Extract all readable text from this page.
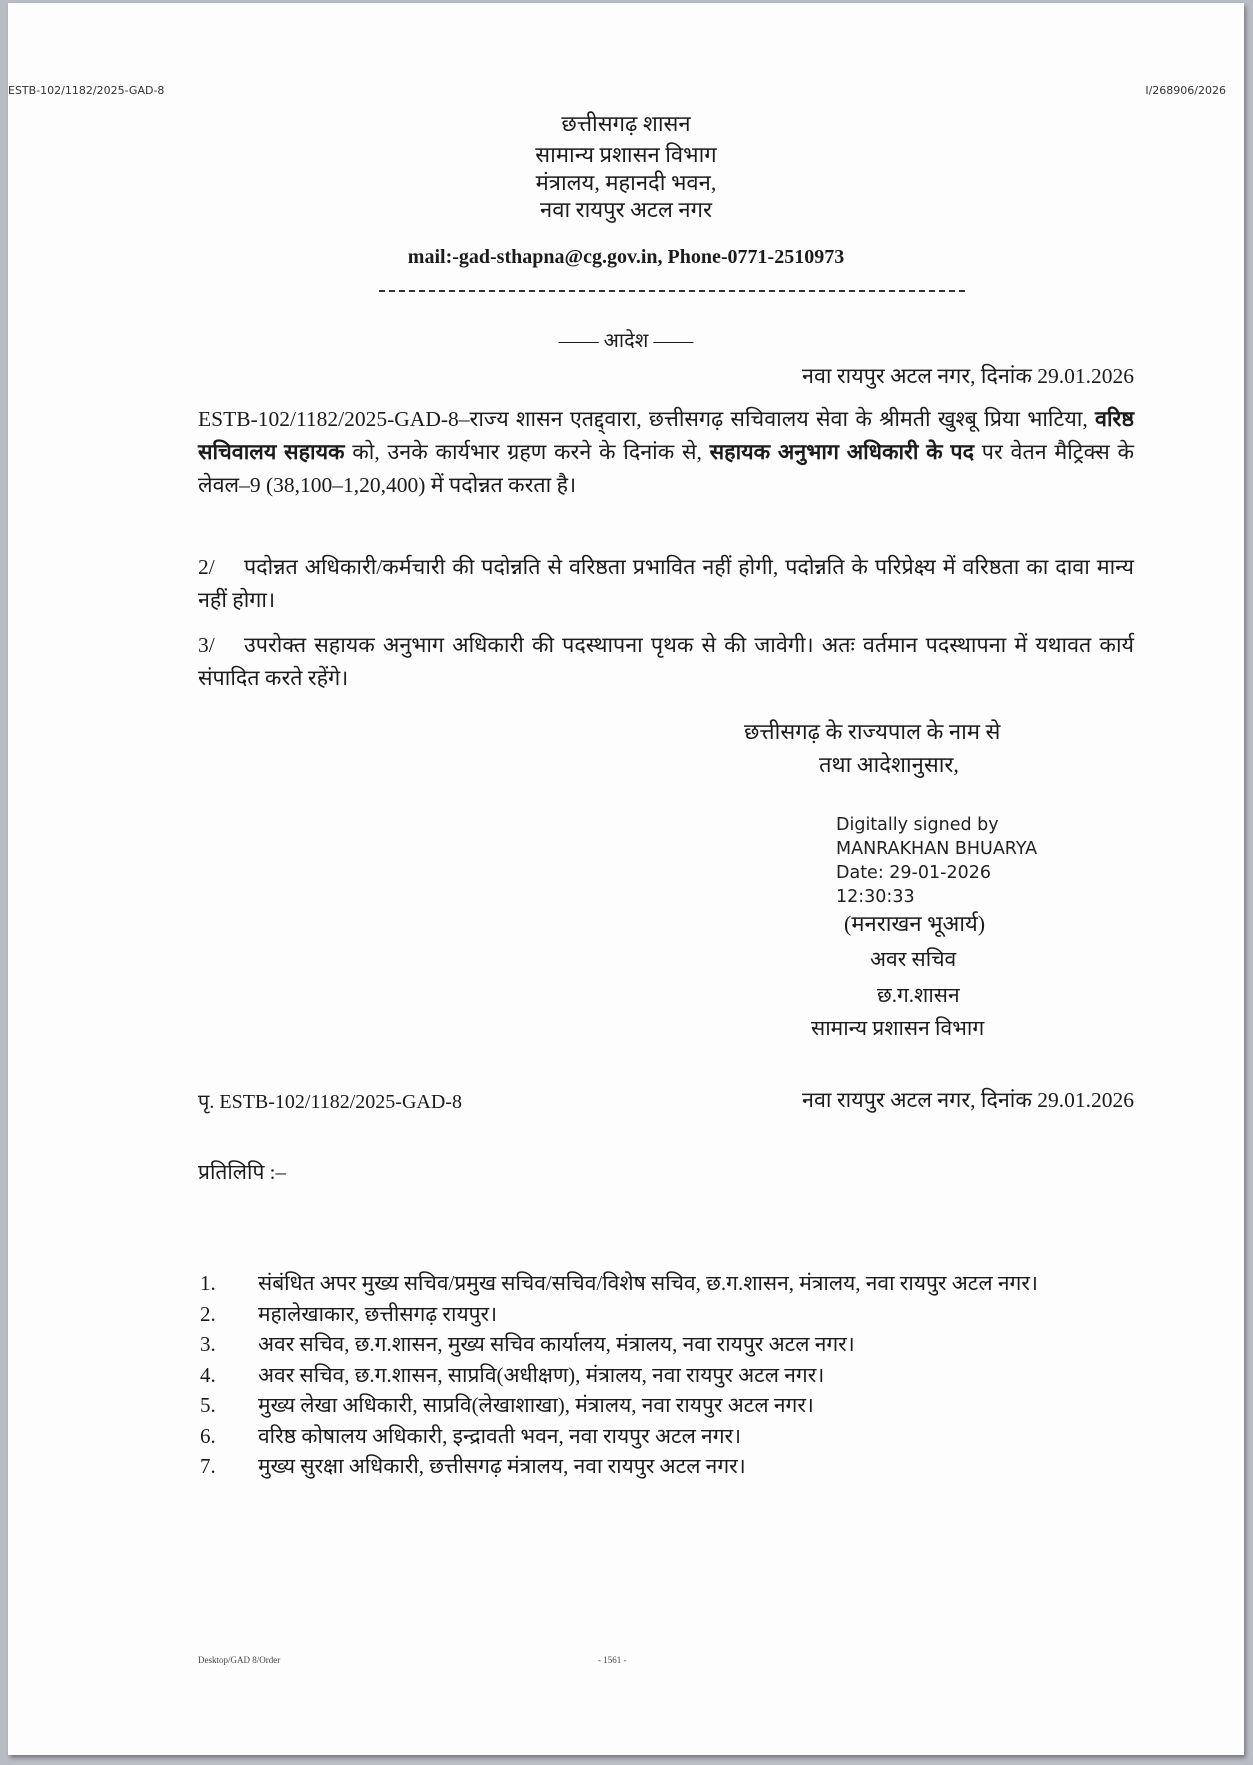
ESTB-102/1182/2025-GAD-8	I/268906/2026
छत्तीसगढ़ शासन
सामान्य प्रशासन विभाग
मंत्रालय, महानदी भवन,
नवा रायपुर अटल नगर
mail:-gad-sthapna@cg.gov.in, Phone-0771-2510973
—— आदेश ——
नवा रायपुर अटल नगर, दिनांक 29.01.2026
ESTB-102/1182/2025-GAD-8–राज्य शासन एतद्द्वारा, छत्तीसगढ़ सचिवालय सेवा के श्रीमती खुश्बू प्रिया भाटिया, वरिष्ठ सचिवालय सहायक को, उनके कार्यभार ग्रहण करने के दिनांक से, सहायक अनुभाग अधिकारी के पद पर वेतन मैट्रिक्स के लेवल–9 (38,100–1,20,400) में पदोन्नत करता है।
2/ पदोन्नत अधिकारी/कर्मचारी की पदोन्नति से वरिष्ठता प्रभावित नहीं होगी, पदोन्नति के परिप्रेक्ष्य में वरिष्ठता का दावा मान्य नहीं होगा।
3/ उपरोक्त सहायक अनुभाग अधिकारी की पदस्थापना पृथक से की जावेगी। अतः वर्तमान पदस्थापना में यथावत कार्य संपादित करते रहेंगे।
छत्तीसगढ़ के राज्यपाल के नाम से
तथा आदेशानुसार,
Digitally signed by
MANRAKHAN BHUARYA
Date: 29-01-2026
12:30:33
(मनराखन भूआर्य)
अवर सचिव
छ.ग.शासन
सामान्य प्रशासन विभाग
पृ. ESTB-102/1182/2025-GAD-8	नवा रायपुर अटल नगर, दिनांक 29.01.2026
प्रतिलिपि :–
1.	संबंधित अपर मुख्य सचिव/प्रमुख सचिव/सचिव/विशेष सचिव, छ.ग.शासन, मंत्रालय, नवा रायपुर अटल नगर।
2.	महालेखाकार, छत्तीसगढ़ रायपुर।
3.	अवर सचिव, छ.ग.शासन, मुख्य सचिव कार्यालय, मंत्रालय, नवा रायपुर अटल नगर।
4.	अवर सचिव, छ.ग.शासन, साप्रवि(अधीक्षण), मंत्रालय, नवा रायपुर अटल नगर।
5.	मुख्य लेखा अधिकारी, साप्रवि(लेखाशाखा), मंत्रालय, नवा रायपुर अटल नगर।
6.	वरिष्ठ कोषालय अधिकारी, इन्द्रावती भवन, नवा रायपुर अटल नगर।
7.	मुख्य सुरक्षा अधिकारी, छत्तीसगढ़ मंत्रालय, नवा रायपुर अटल नगर।
Desktop/GAD 8/Order	- 1561 -
